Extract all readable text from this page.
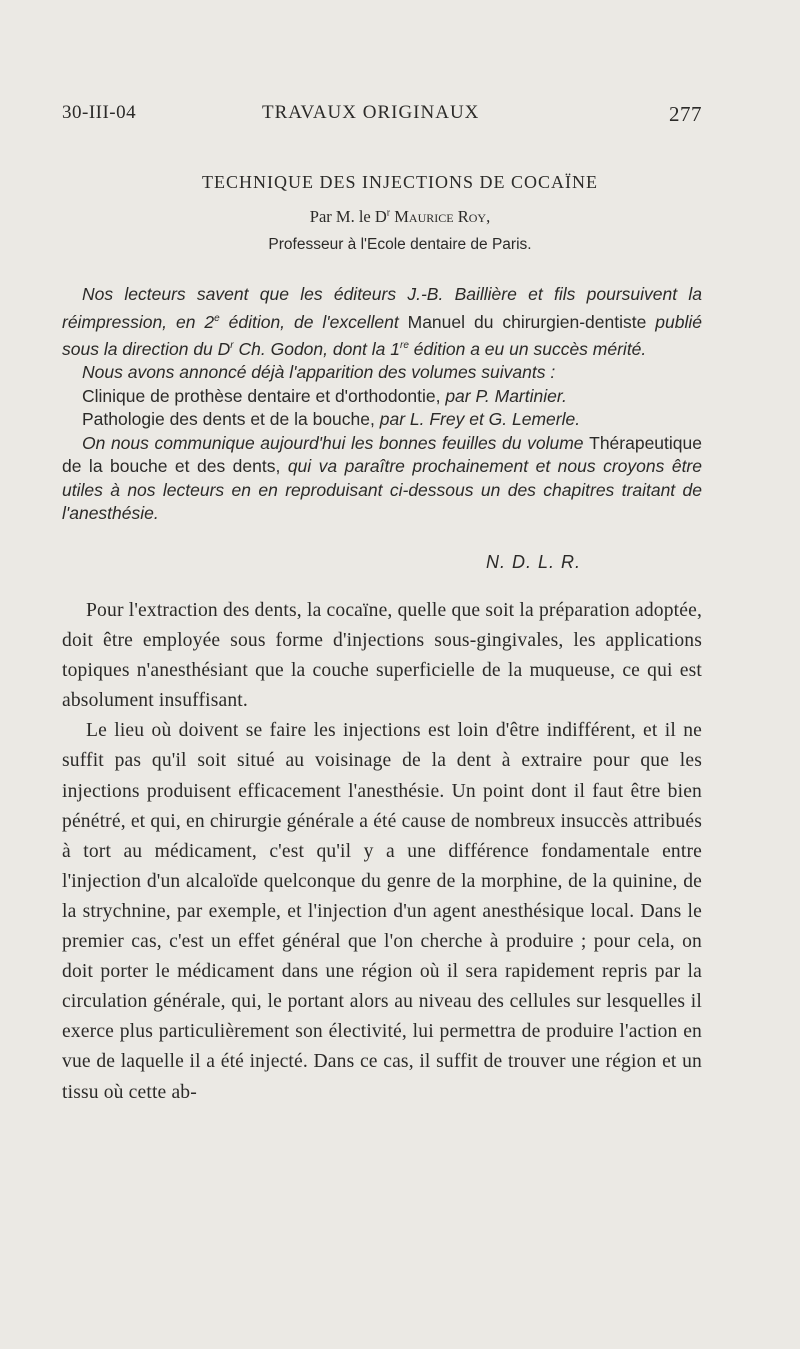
30-III-04	TRAVAUX ORIGINAUX	277
TECHNIQUE DES INJECTIONS DE COCAÏNE
Par M. le $D^r$ Maurice Roy,
Professeur à l'Ecole dentaire de Paris.

Nos lecteurs savent que les éditeurs J.-B. Baillière et fils poursuivent la réimpression, en 2e édition, de l'excellent Manuel du chirurgien-dentiste publié sous la direction du $D^r$ Ch. Godon, dont la 1re édition a eu un succès mérité.

Nous avons annoncé déjà l'apparition des volumes suivants :

Clinique de prothèse dentaire et d'orthodontie, par P. Martinier.

Pathologie des dents et de la bouche, par L. Frey et G. Lemerle.

On nous communique aujourd'hui les bonnes feuilles du volume Thérapeutique de la bouche et des dents, qui va paraître prochainement et nous croyons être utiles à nos lecteurs en en reproduisant ci-dessous un des chapitres traitant de l'anesthésie.

N. D. L. R.

Pour l'extraction des dents, la cocaïne, quelle que soit la préparation adoptée, doit être employée sous forme d'injections sous-gingivales, les applications topiques n'anesthésiant que la couche superficielle de la muqueuse, ce qui est absolument insuffisant.

Le lieu où doivent se faire les injections est loin d'être indifférent, et il ne suffit pas qu'il soit situé au voisinage de la dent à extraire pour que les injections produisent efficacement l'anesthésie. Un point dont il faut être bien pénétré, et qui, en chirurgie générale a été cause de nombreux insuccès attribués à tort au médicament, c'est qu'il y a une différence fondamentale entre l'injection d'un alcaloïde quelconque du genre de la morphine, de la quinine, de la strychnine, par exemple, et l'injection d'un agent anesthésique local. Dans le premier cas, c'est un effet général que l'on cherche à produire ; pour cela, on doit porter le médicament dans une région où il sera rapidement repris par la circulation générale, qui, le portant alors au niveau des cellules sur lesquelles il exerce plus particulièrement son électivité, lui permettra de produire l'action en vue de laquelle il a été injecté. Dans ce cas, il suffit de trouver une région et un tissu où cette ab-
